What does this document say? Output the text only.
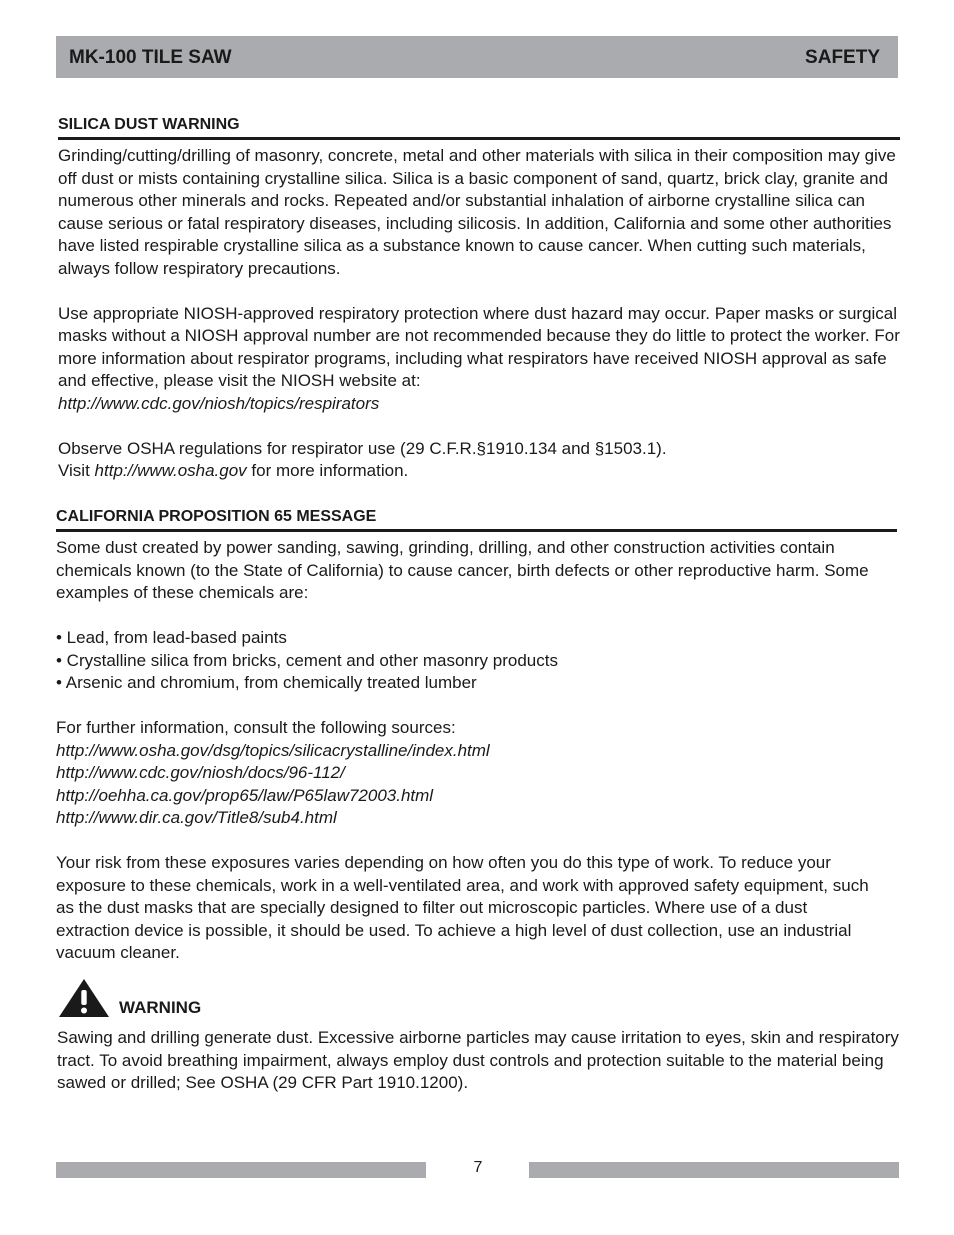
MK-100 TILE SAW	SAFETY
SILICA DUST WARNING

Grinding/cutting/drilling of masonry, concrete, metal and other materials with silica in their composition may give off dust or mists containing crystalline silica. Silica is a basic component of sand, quartz, brick clay, granite and numerous other minerals and rocks. Repeated and/or substantial inhalation of airborne crystalline silica can cause serious or fatal respiratory diseases, including silicosis. In addition, California and some other authorities have listed respirable crystalline silica as a substance known to cause cancer. When cutting such materials, always follow respiratory precautions.

Use appropriate NIOSH-approved respiratory protection where dust hazard may occur. Paper masks or surgical masks without a NIOSH approval number are not recommended because they do little to protect the worker. For more information about respirator programs, including what respirators have received NIOSH approval as safe and effective, please visit the NIOSH website at:

http://www.cdc.gov/niosh/topics/respirators

Observe OSHA regulations for respirator use (29 C.F.R.§1910.134 and §1503.1).

Visit http://www.osha.gov for more information.

CALIFORNIA PROPOSITION 65 MESSAGE

Some dust created by power sanding, sawing, grinding, drilling, and other construction activities contain chemicals known (to the State of California) to cause cancer, birth defects or other reproductive harm. Some examples of these chemicals are:

• Lead, from lead-based paints

• Crystalline silica from bricks, cement and other masonry products

• Arsenic and chromium, from chemically treated lumber

For further information, consult the following sources:

http://www.osha.gov/dsg/topics/silicacrystalline/index.html

http://www.cdc.gov/niosh/docs/96-112/

http://oehha.ca.gov/prop65/law/P65law72003.html

http://www.dir.ca.gov/Title8/sub4.html

Your risk from these exposures varies depending on how often you do this type of work. To reduce your exposure to these chemicals, work in a well-ventilated area, and work with approved safety equipment, such as the dust masks that are specially designed to filter out microscopic particles. Where use of a dust extraction device is possible, it should be used. To achieve a high level of dust collection, use an industrial vacuum cleaner.

WARNING

Sawing and drilling generate dust. Excessive airborne particles may cause irritation to eyes, skin and respiratory tract. To avoid breathing impairment, always employ dust controls and protection suitable to the material being sawed or drilled; See OSHA (29 CFR Part 1910.1200).

7
